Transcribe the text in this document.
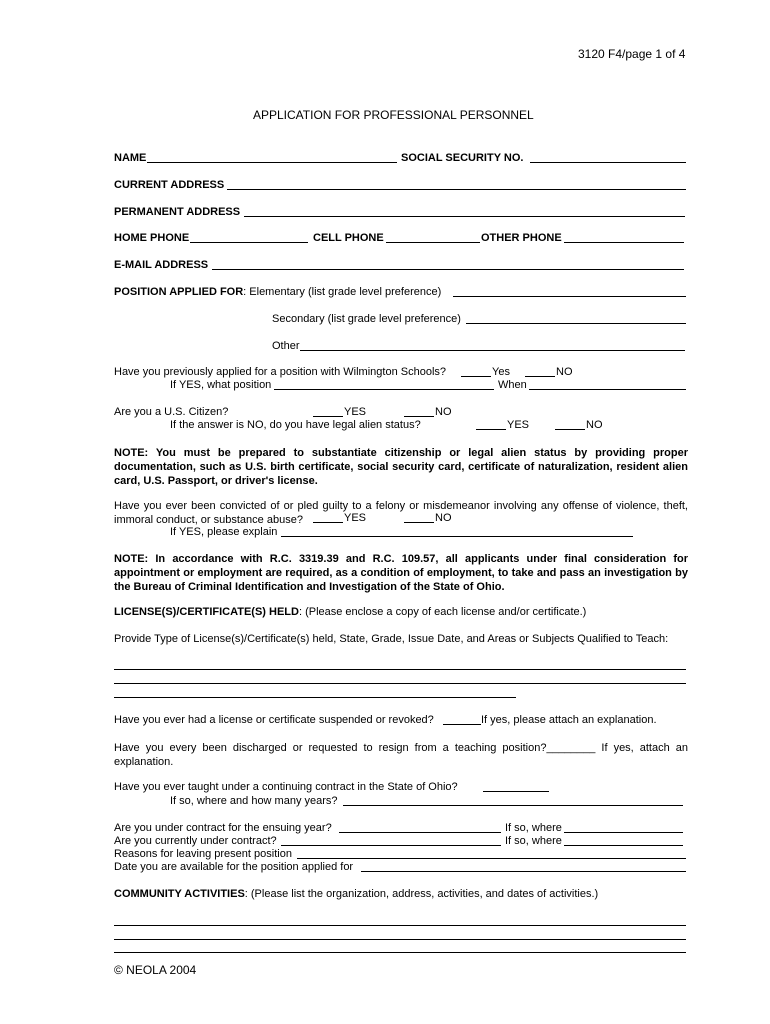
3120 F4/page 1 of 4
APPLICATION FOR PROFESSIONAL PERSONNEL
NAME	SOCIAL SECURITY NO.
CURRENT ADDRESS
PERMANENT ADDRESS
HOME PHONE	CELL PHONE	OTHER PHONE
E-MAIL ADDRESS
POSITION APPLIED FOR: Elementary (list grade level preference)
Secondary (list grade level preference)
Other
Have you previously applied for a position with Wilmington Schools?	Yes	NO
If YES, what position	When
Are you a U.S. Citizen?	YES	NO
If the answer is NO, do you have legal alien status?	YES	NO
NOTE: You must be prepared to substantiate citizenship or legal alien status by providing proper documentation, such as U.S. birth certificate, social security card, certificate of naturalization, resident alien card, U.S. Passport, or driver's license.
Have you ever been convicted of or pled guilty to a felony or misdemeanor involving any offense of violence, theft, immoral conduct, or substance abuse?	YES	NO
If YES, please explain
NOTE: In accordance with R.C. 3319.39 and R.C. 109.57, all applicants under final consideration for appointment or employment are required, as a condition of employment, to take and pass an investigation by the Bureau of Criminal Identification and Investigation of the State of Ohio.
LICENSE(S)/CERTIFICATE(S) HELD: (Please enclose a copy of each license and/or certificate.)
Provide Type of License(s)/Certificate(s) held, State, Grade, Issue Date, and Areas or Subjects Qualified to Teach:
Have you ever had a license or certificate suspended or revoked?	If yes, please attach an explanation.
Have you every been discharged or requested to resign from a teaching position?________ If yes, attach an explanation.
Have you ever taught under a continuing contract in the State of Ohio?
If so, where and how many years?
Are you under contract for the ensuing year?	If so, where
Are you currently under contract?	If so, where
Reasons for leaving present position
Date you are available for the position applied for
COMMUNITY ACTIVITIES: (Please list the organization, address, activities, and dates of activities.)
© NEOLA 2004
